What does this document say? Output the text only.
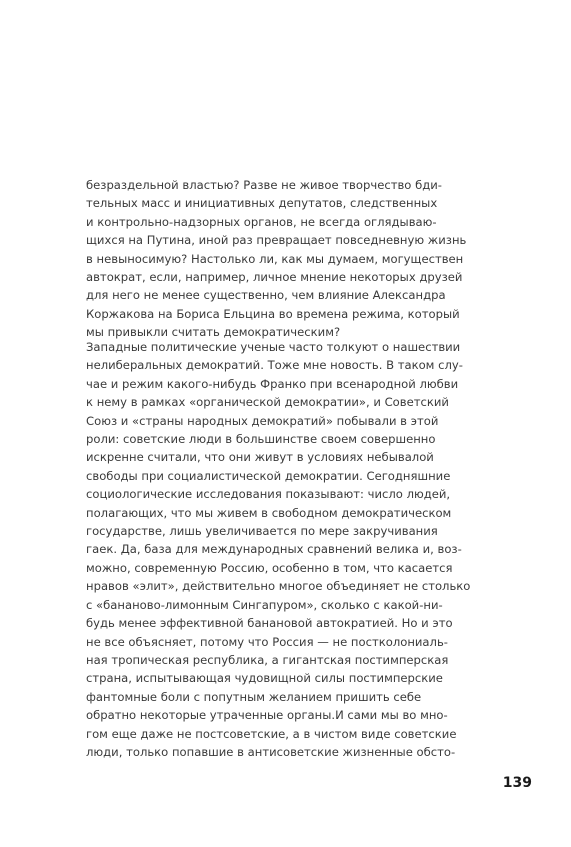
безраздельной властью? Разве не живое творчество бди-
тельных масс и инициативных депутатов, следственных
и контрольно-надзорных органов, не всегда оглядываю-
щихся на Путина, иной раз превращает повседневную жизнь
в невыносимую? Настолько ли, как мы думаем, могуществен
автократ, если, например, личное мнение некоторых друзей
для него не менее существенно, чем влияние Александра
Коржакова на Бориса Ельцина во времена режима, который
мы привыкли считать демократическим?
Западные политические ученые часто толкуют о нашествии
нелиберальных демократий. Тоже мне новость. В таком слу-
чае и режим какого-нибудь Франко при всенародной любви
к нему в рамках «органической демократии», и Советский
Союз и «страны народных демократий» побывали в этой
роли: советские люди в большинстве своем совершенно
искренне считали, что они живут в условиях небывалой
свободы при социалистической демократии. Сегодняшние
социологические исследования показывают: число людей,
полагающих, что мы живем в свободном демократическом
государстве, лишь увеличивается по мере закручивания
гаек. Да, база для международных сравнений велика и, воз-
можно, современную Россию, особенно в том, что касается
нравов «элит», действительно многое объединяет не столько
с «бананово-лимонным Сингапуром», сколько с какой-ни-
будь менее эффективной банановой автократией. Но и это
не все объясняет, потому что Россия — не постколониаль-
ная тропическая республика, а гигантская постимперская
страна, испытывающая чудовищной силы постимперские
фантомные боли с попутным желанием пришить себе
обратно некоторые утраченные органы.И сами мы во мно-
гом еще даже не постсоветские, а в чистом виде советские
люди, только попавшие в антисоветские жизненные обсто-
139
